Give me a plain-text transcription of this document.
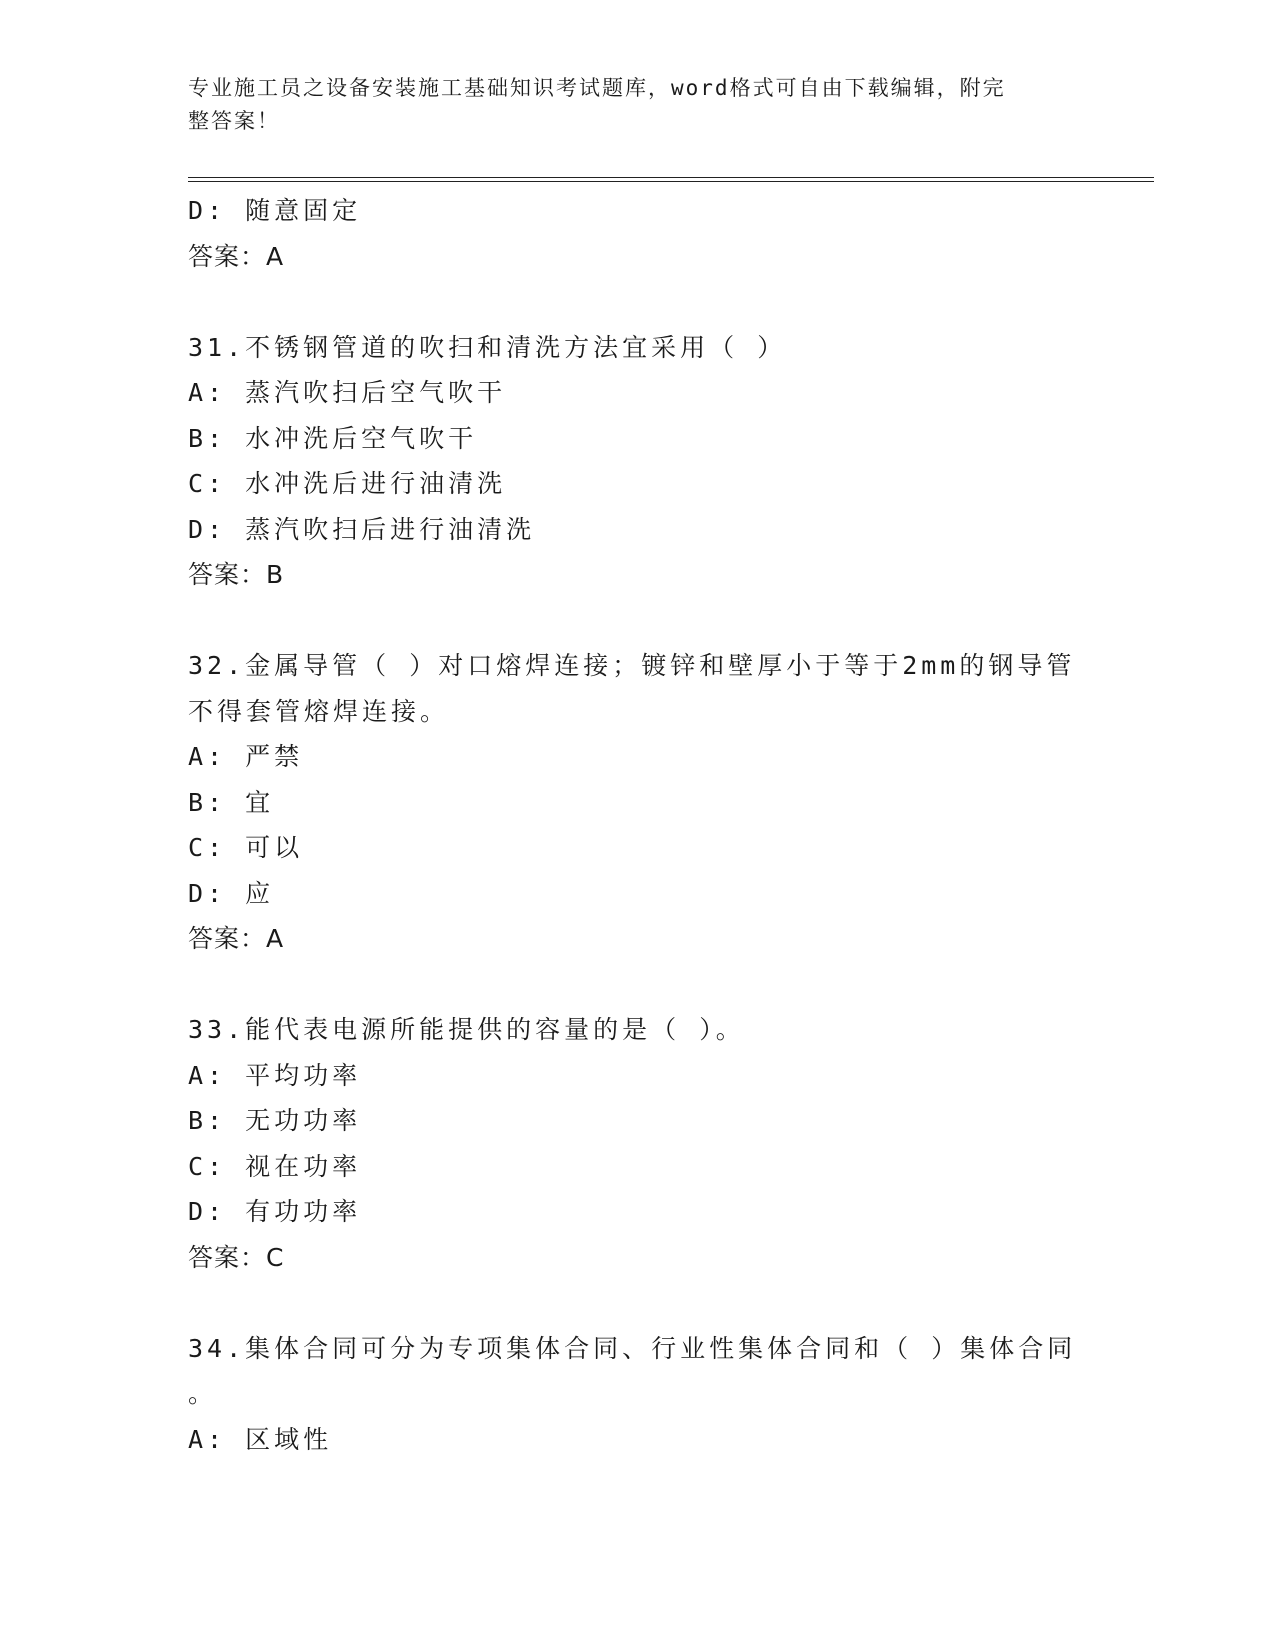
专业施工员之设备安装施工基础知识考试题库，word格式可自由下载编辑，附完
整答案！
D: 随意固定
答案：A
31.不锈钢管道的吹扫和清洗方法宜采用（ ）
A: 蒸汽吹扫后空气吹干
B: 水冲洗后空气吹干
C: 水冲洗后进行油清洗
D: 蒸汽吹扫后进行油清洗
答案：B
32.金属导管（ ）对口熔焊连接；镀锌和壁厚小于等于2mm的钢导管
不得套管熔焊连接。
A: 严禁
B: 宜
C: 可以
D: 应
答案：A
33.能代表电源所能提供的容量的是（ ）。
A: 平均功率
B: 无功功率
C: 视在功率
D: 有功功率
答案：C
34.集体合同可分为专项集体合同、行业性集体合同和（ ）集体合同
。
A: 区域性
